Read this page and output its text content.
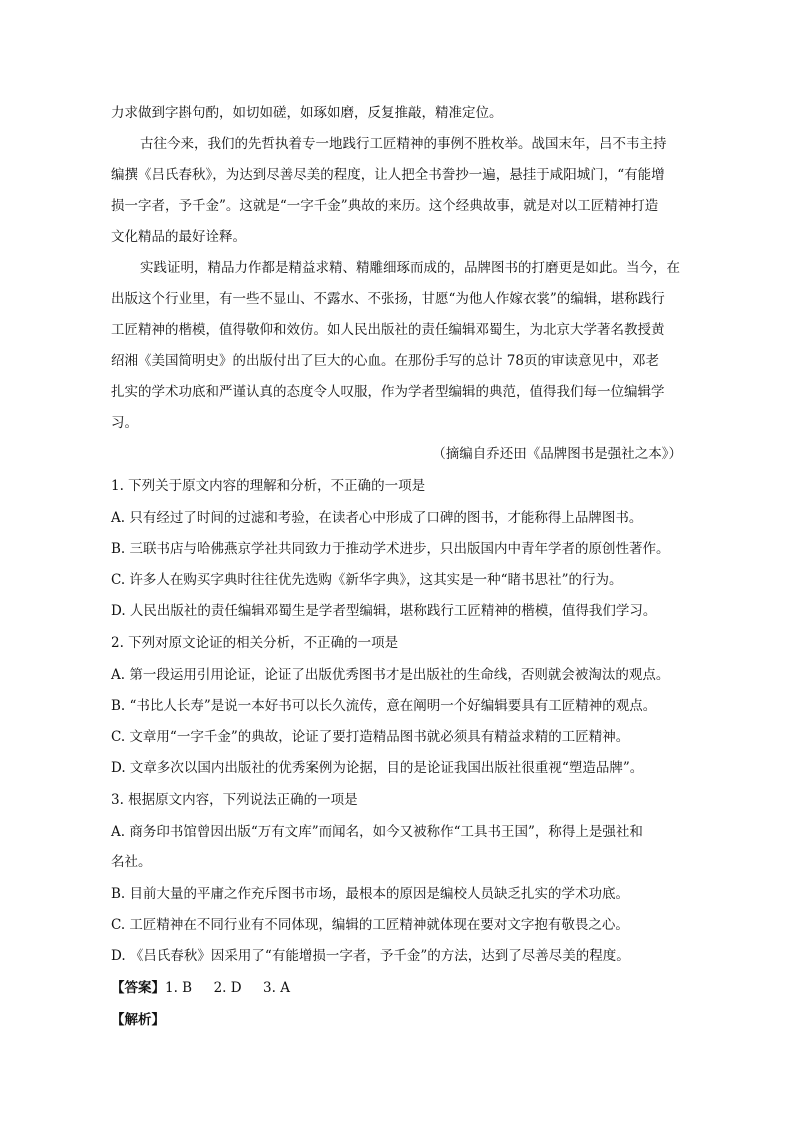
力求做到字斟句酌，如切如磋，如琢如磨，反复推敲，精准定位。
古往今来，我们的先哲执着专一地践行工匠精神的事例不胜枚举。战国末年，吕不韦主持
编撰《吕氏春秋》，为达到尽善尽美的程度，让人把全书誊抄一遍，悬挂于咸阳城门，“有能增
损一字者，予千金”。这就是“一字千金”典故的来历。这个经典故事，就是对以工匠精神打造
文化精品的最好诠释。
实践证明，精品力作都是精益求精、精雕细琢而成的，品牌图书的打磨更是如此。当今，在
出版这个行业里，有一些不显山、不露水、不张扬，甘愿“为他人作嫁衣裳”的编辑，堪称践行
工匠精神的楷模，值得敬仰和效仿。如人民出版社的责任编辑邓蜀生，为北京大学著名教授黄
绍湘《美国简明史》的出版付出了巨大的心血。在那份手写的总计 78页的审读意见中，邓老
扎实的学术功底和严谨认真的态度令人叹服，作为学者型编辑的典范，值得我们每一位编辑学
习。
（摘编自乔还田《品牌图书是强社之本》）
1. 下列关于原文内容的理解和分析，不正确的一项是
A. 只有经过了时间的过滤和考验，在读者心中形成了口碑的图书，才能称得上品牌图书。
B. 三联书店与哈佛燕京学社共同致力于推动学术进步，只出版国内中青年学者的原创性著作。
C. 许多人在购买字典时往往优先选购《新华字典》，这其实是一种“睹书思社”的行为。
D. 人民出版社的责任编辑邓蜀生是学者型编辑，堪称践行工匠精神的楷模，值得我们学习。
2. 下列对原文论证的相关分析，不正确的一项是
A. 第一段运用引用论证，论证了出版优秀图书才是出版社的生命线，否则就会被淘汰的观点。
B. “书比人长寿”是说一本好书可以长久流传，意在阐明一个好编辑要具有工匠精神的观点。
C. 文章用“一字千金”的典故，论证了要打造精品图书就必须具有精益求精的工匠精神。
D. 文章多次以国内出版社的优秀案例为论据，目的是论证我国出版社很重视“塑造品牌”。
3. 根据原文内容，下列说法正确的一项是
A. 商务印书馆曾因出版“万有文库”而闻名，如今又被称作“工具书王国”，称得上是强社和
名社。
B. 目前大量的平庸之作充斥图书市场，最根本的原因是编校人员缺乏扎实的学术功底。
C. 工匠精神在不同行业有不同体现，编辑的工匠精神就体现在要对文字抱有敬畏之心。
D. 《吕氏春秋》因采用了“有能增损一字者，予千金”的方法，达到了尽善尽美的程度。
【答案】1. B 2. D 3. A
【解析】
